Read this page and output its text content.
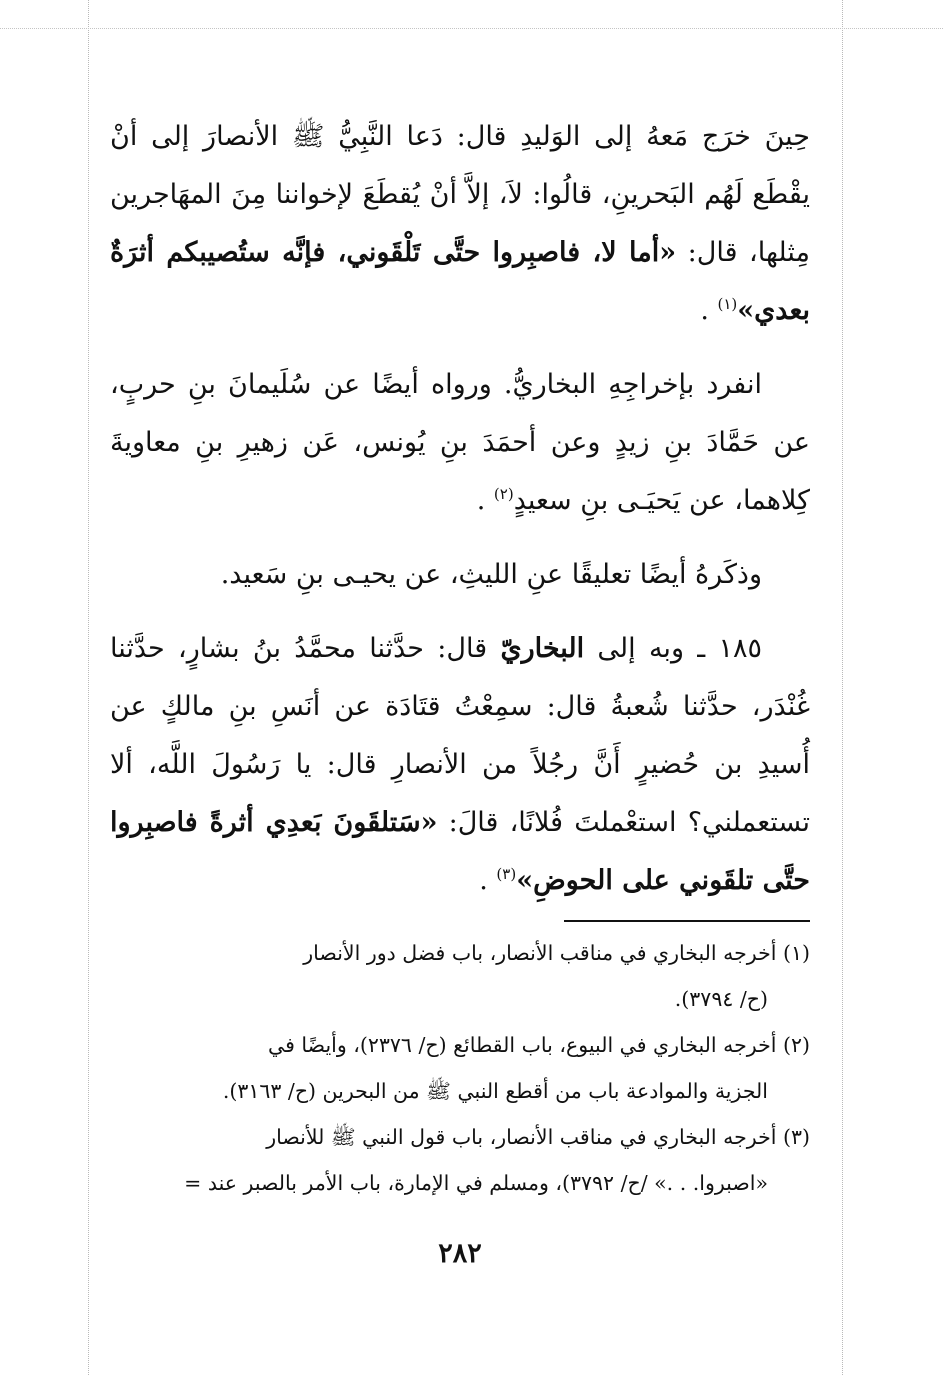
حِينَ خرَج مَعهُ إلى الوَليدِ قال: دَعا النَّبِيُّ ﷺ الأنصارَ إلى أنْ يقْطَع لَهُم البَحرينِ، قالُوا: لاَ، إلاَّ أنْ يُقطَعَ لإخواننا مِنَ المهَاجرين مِثلها، قال: «أما لا، فاصبِروا حتَّى تَلْقَوني، فإنَّه ستُصيبكم أثرَةٌ بعدي»$^{(١)}$ .

انفرد بإخراجِهِ البخاريُّ. ورواه أيضًا عن سُلَيمانَ بنِ حربٍ، عن حَمَّادَ بنِ زيدٍ وعن أحمَدَ بنِ يُونس، عَن زهيرِ بنِ معاويةَ كِلاهما، عن يَحيَـى بنِ سعيدٍ$^{(٢)}$ .

وذكَرهُ أيضًا تعليقًا عنِ الليثِ، عن يحيـى بنِ سَعيد.

١٨٥ ـ وبه إلى البخاريّ قال: حدَّثنا محمَّدُ بنُ بشارٍ، حدَّثنا غُنْدَر، حدَّثنا شُعبةُ قال: سمِعْتُ قتَادَة عن أنَسِ بنِ مالكٍ عن أُسيدِ بن حُضيرٍ أَنَّ رجُلاً من الأنصارِ قال: يا رَسُولَ اللَّه، ألا تستعملني؟ استعْملتَ فُلانًا، قالَ: «سَتلقَونَ بَعدِي أثرةً فاصبِروا حتَّى تلقَوني على الحوضِ»$^{(٣)}$ .

(١) أخرجه البخاري في مناقب الأنصار، باب فضل دور الأنصار

(ح/ ٣٧٩٤).

(٢) أخرجه البخاري في البيوع، باب القطائع (ح/ ٢٣٧٦)، وأيضًا في

الجزية والموادعة باب من أقطع النبي ﷺ من البحرين (ح/ ٣١٦٣).

(٣) أخرجه البخاري في مناقب الأنصار، باب قول النبي ﷺ للأنصار

«اصبروا. . .» /ح/ ٣٧٩٢)، ومسلم في الإمارة، باب الأمر بالصبر عند =

٢٨٢
